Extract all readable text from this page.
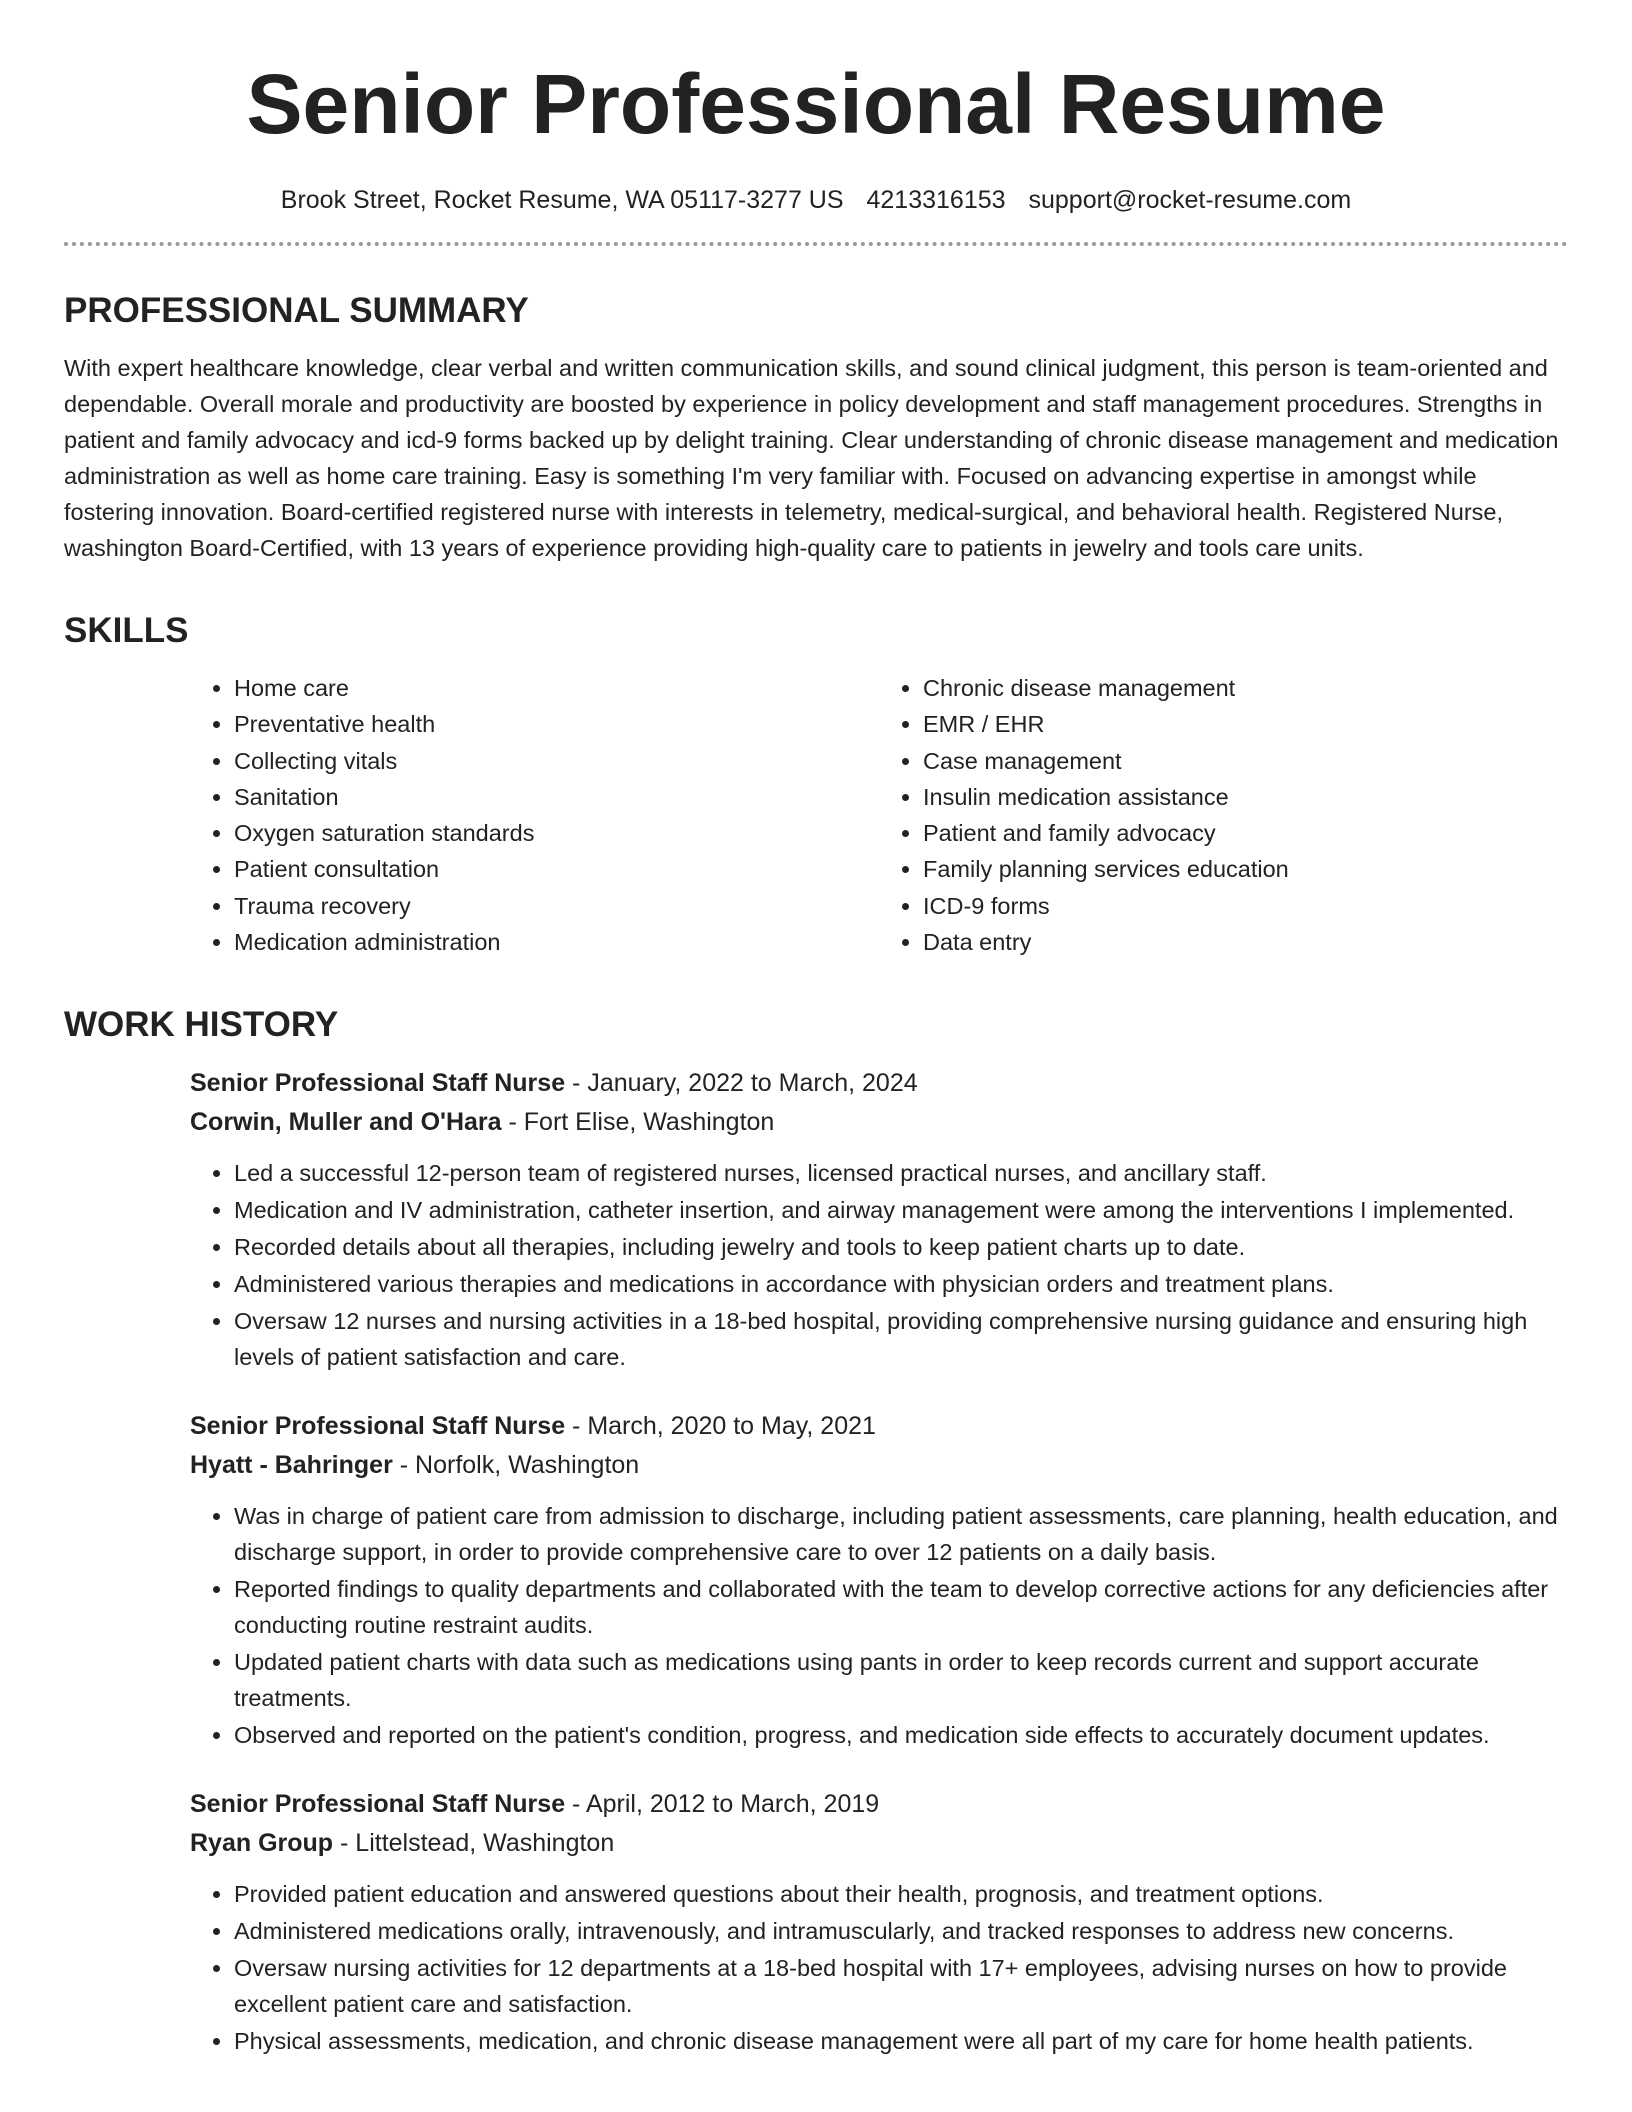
Senior Professional Resume
Brook Street, Rocket Resume, WA 05117-3277 US 4213316153 support@rocket-resume.com
PROFESSIONAL SUMMARY

With expert healthcare knowledge, clear verbal and written communication skills, and sound clinical judgment, this person is team-oriented and dependable. Overall morale and productivity are boosted by experience in policy development and staff management procedures. Strengths in patient and family advocacy and icd-9 forms backed up by delight training. Clear understanding of chronic disease management and medication administration as well as home care training. Easy is something I'm very familiar with. Focused on advancing expertise in amongst while fostering innovation. Board-certified registered nurse with interests in telemetry, medical-surgical, and behavioral health. Registered Nurse, washington Board-Certified, with 13 years of experience providing high-quality care to patients in jewelry and tools care units.

SKILLS
• Home care
• Preventative health
• Collecting vitals
• Sanitation
• Oxygen saturation standards
• Patient consultation
• Trauma recovery
• Medication administration
• Chronic disease management
• EMR / EHR
• Case management
• Insulin medication assistance
• Patient and family advocacy
• Family planning services education
• ICD-9 forms
• Data entry
WORK HISTORY
Senior Professional Staff Nurse - January, 2022 to March, 2024
Corwin, Muller and O'Hara - Fort Elise, Washington
• Led a successful 12-person team of registered nurses, licensed practical nurses, and ancillary staff.
• Medication and IV administration, catheter insertion, and airway management were among the interventions I implemented.
• Recorded details about all therapies, including jewelry and tools to keep patient charts up to date.
• Administered various therapies and medications in accordance with physician orders and treatment plans.
• Oversaw 12 nurses and nursing activities in a 18-bed hospital, providing comprehensive nursing guidance and ensuring high levels of patient satisfaction and care.
Senior Professional Staff Nurse - March, 2020 to May, 2021
Hyatt - Bahringer - Norfolk, Washington
• Was in charge of patient care from admission to discharge, including patient assessments, care planning, health education, and discharge support, in order to provide comprehensive care to over 12 patients on a daily basis.
• Reported findings to quality departments and collaborated with the team to develop corrective actions for any deficiencies after conducting routine restraint audits.
• Updated patient charts with data such as medications using pants in order to keep records current and support accurate treatments.
• Observed and reported on the patient's condition, progress, and medication side effects to accurately document updates.
Senior Professional Staff Nurse - April, 2012 to March, 2019
Ryan Group - Littelstead, Washington
• Provided patient education and answered questions about their health, prognosis, and treatment options.
• Administered medications orally, intravenously, and intramuscularly, and tracked responses to address new concerns.
• Oversaw nursing activities for 12 departments at a 18-bed hospital with 17+ employees, advising nurses on how to provide excellent patient care and satisfaction.
• Physical assessments, medication, and chronic disease management were all part of my care for home health patients.
